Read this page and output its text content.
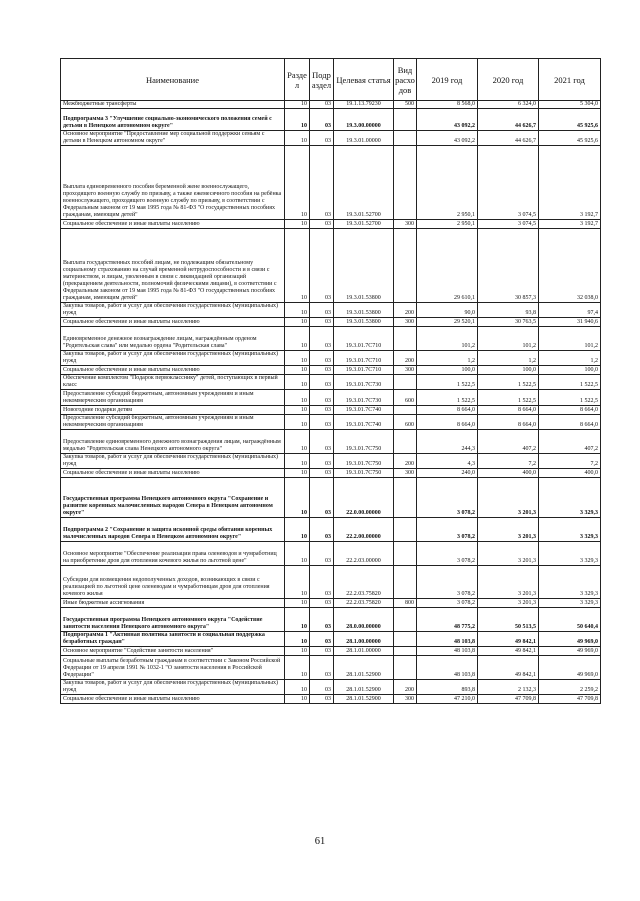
Наименование	Разде л	Подр аздел	Целевая статья	Вид расхо дов	2019 год	2020 год	2021 год
Межбюджетные трансферты	10	03	19.1.13.79230	500	8 568,0	6 324,0	5 304,0
Подпрограмма 3 "Улучшение социально-экономического положения семей с детьми в Ненецком автономном округе"	10	03	19.3.00.00000		43 092,2	44 626,7	45 925,6
Основное мероприятие "Предоставление мер социальной поддержки семьям с детьми в Ненецком автономном округе"	10	03	19.3.01.00000		43 092,2	44 626,7	45 925,6
Выплата единовременного пособия беременной жене военнослужащего, проходящего военную службу по призыву, а также ежемесячного пособия на ребёнка военнослужащего, проходящего военную службу по призыву, в соответствии с Федеральным законом от 19 мая 1995 года № 81-ФЗ "О государственных пособиях гражданам, имеющим детей"	10	03	19.3.01.52700		2 950,1	3 074,5	3 192,7
Социальное обеспечение и иные выплаты населению	10	03	19.3.01.52700	300	2 950,1	3 074,5	3 192,7
Выплата государственных пособий лицам, не подлежащим обязательному социальному страхованию на случай временной нетрудоспособности и в связи с материнством, и лицам, уволенным в связи с ликвидацией организаций (прекращением деятельности, полномочий физическими лицами), в соответствии с Федеральным законом от 19 мая 1995 года № 81-ФЗ "О государственных пособиях гражданам, имеющим детей"	10	03	19.3.01.53800		29 610,1	30 857,3	32 038,0
Закупка товаров, работ и услуг для обеспечения государственных (муниципальных) нужд	10	03	19.3.01.53800	200	90,0	93,8	97,4
Социальное обеспечение и иные выплаты населению	10	03	19.3.01.53800	300	29 520,1	30 763,5	31 940,6
Единовременное денежное вознаграждение лицам, награждённым орденом "Родительская слава" или медалью ордена "Родительская слава"	10	03	19.3.01.7С710		101,2	101,2	101,2
Закупка товаров, работ и услуг для обеспечения государственных (муниципальных) нужд	10	03	19.3.01.7С710	200	1,2	1,2	1,2
Социальное обеспечение и иные выплаты населению	10	03	19.3.01.7С710	300	100,0	100,0	100,0
Обеспечение комплектом "Подарок первокласснику" детей, поступающих в первый класс	10	03	19.3.01.7С730		1 522,5	1 522,5	1 522,5
Предоставление субсидий бюджетным, автономным учреждениям и иным некоммерческим организациям	10	03	19.3.01.7С730	600	1 522,5	1 522,5	1 522,5
Новогодние подарки детям	10	03	19.3.01.7С740		8 664,0	8 664,0	8 664,0
Предоставление субсидий бюджетным, автономным учреждениям и иным некоммерческим организациям	10	03	19.3.01.7С740	600	8 664,0	8 664,0	8 664,0
Предоставление единовременного денежного вознаграждения лицам, награждённым медалью "Родительская слава Ненецкого автономного округа"	10	03	19.3.01.7С750		244,3	407,2	407,2
Закупка товаров, работ и услуг для обеспечения государственных (муниципальных) нужд	10	03	19.3.01.7С750	200	4,3	7,2	7,2
Социальное обеспечение и иные выплаты населению	10	03	19.3.01.7С750	300	240,0	400,0	400,0
Государственная программа Ненецкого автономного округа "Сохранение и развитие коренных малочисленных народов Севера в Ненецком автономном округе"	10	03	22.0.00.00000		3 078,2	3 201,3	3 329,3
Подпрограмма 2 "Сохранение и защита исконной среды обитания коренных малочисленных народов Севера в Ненецком автономном округе"	10	03	22.2.00.00000		3 078,2	3 201,3	3 329,3
Основное мероприятие "Обеспечение реализации права оленеводов и чумработниц на приобретение дров для отопления кочевого жилья по льготной цене"	10	03	22.2.03.00000		3 078,2	3 201,3	3 329,3
Субсидии для возмещения недополученных доходов, возникающих в связи с реализацией по льготной цене оленеводам и чумработницам дров для отопления кочевого жилья	10	03	22.2.03.75820		3 078,2	3 201,3	3 329,3
Иные бюджетные ассигнования	10	03	22.2.03.75820	800	3 078,2	3 201,3	3 329,3
Государственная программа Ненецкого автономного округа "Содействие занятости населения Ненецкого автономного округа"	10	03	28.0.00.00000		48 775,2	50 513,5	50 640,4
Подпрограмма 1 "Активная политика занятости и социальная поддержка безработных граждан"	10	03	28.1.00.00000		48 103,8	49 842,1	49 969,0
Основное мероприятие "Содействие занятости населения"	10	03	28.1.01.00000		48 103,8	49 842,1	49 969,0
Социальные выплаты безработным гражданам в соответствии с Законом Российской Федерации от 19 апреля 1991 № 1032-1 "О занятости населения в Российской Федерации"	10	03	28.1.01.52900		48 103,8	49 842,1	49 969,0
Закупка товаров, работ и услуг для обеспечения государственных (муниципальных) нужд	10	03	28.1.01.52900	200	893,8	2 132,3	2 259,2
Социальное обеспечение и иные выплаты населению	10	03	28.1.01.52900	300	47 210,0	47 709,8	47 709,8
61
